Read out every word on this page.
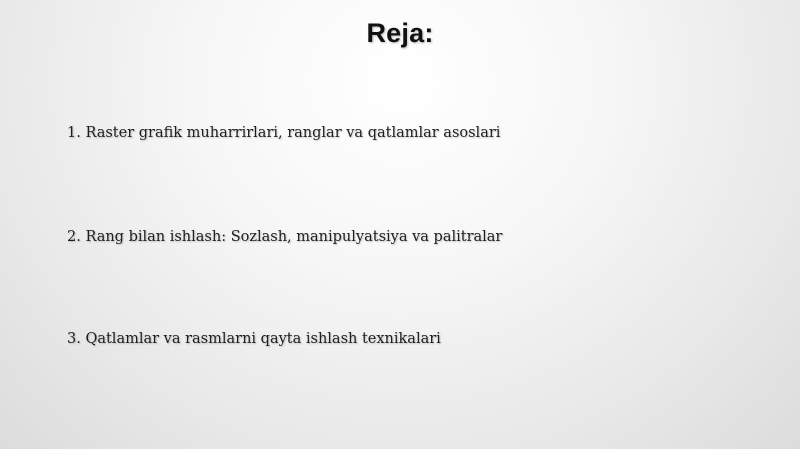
Reja:
1. Raster grafik muharrirlari, ranglar va qatlamlar asoslari
2. Rang bilan ishlash: Sozlash, manipulyatsiya va palitralar
3. Qatlamlar va rasmlarni qayta ishlash texnikalari
